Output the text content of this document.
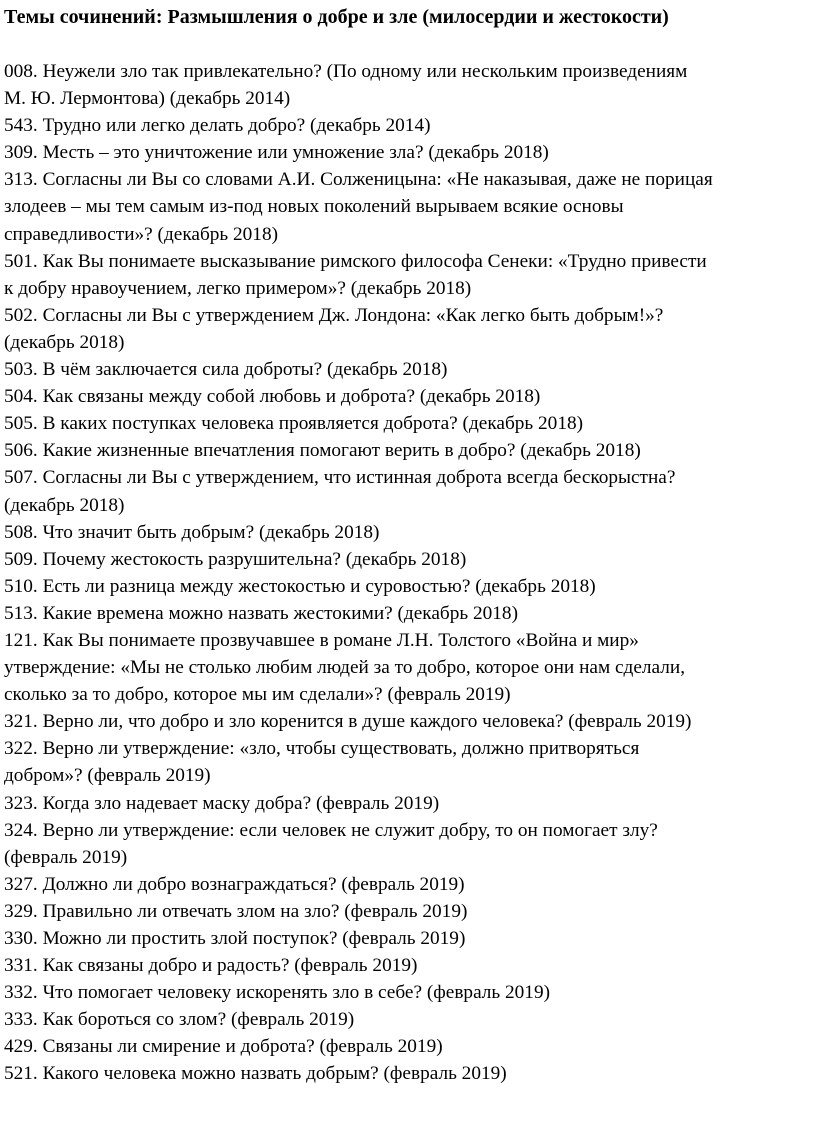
Темы сочинений: Размышления о добре и зле (милосердии и жестокости)
008. Неужели зло так привлекательно? (По одному или нескольким произведениям
М. Ю. Лермонтова) (декабрь 2014)
543. Трудно или легко делать добро? (декабрь 2014)
309. Месть – это уничтожение или умножение зла? (декабрь 2018)
313. Согласны ли Вы со словами А.И. Солженицына: «Не наказывая, даже не порицая
злодеев – мы тем самым из-под новых поколений вырываем всякие основы
справедливости»? (декабрь 2018)
501. Как Вы понимаете высказывание римского философа Сенеки: «Трудно привести
к добру нравоучением, легко примером»? (декабрь 2018)
502. Согласны ли Вы с утверждением Дж. Лондона: «Как легко быть добрым!»?
(декабрь 2018)
503. В чём заключается сила доброты? (декабрь 2018)
504. Как связаны между собой любовь и доброта? (декабрь 2018)
505. В каких поступках человека проявляется доброта? (декабрь 2018)
506. Какие жизненные впечатления помогают верить в добро? (декабрь 2018)
507. Согласны ли Вы с утверждением, что истинная доброта всегда бескорыстна?
(декабрь 2018)
508. Что значит быть добрым? (декабрь 2018)
509. Почему жестокость разрушительна? (декабрь 2018)
510. Есть ли разница между жестокостью и суровостью? (декабрь 2018)
513. Какие времена можно назвать жестокими? (декабрь 2018)
121. Как Вы понимаете прозвучавшее в романе Л.Н. Толстого «Война и мир»
утверждение: «Мы не столько любим людей за то добро, которое они нам сделали,
сколько за то добро, которое мы им сделали»? (февраль 2019)
321. Верно ли, что добро и зло коренится в душе каждого человека? (февраль 2019)
322. Верно ли утверждение: «зло, чтобы существовать, должно притворяться
добром»? (февраль 2019)
323. Когда зло надевает маску добра? (февраль 2019)
324. Верно ли утверждение: если человек не служит добру, то он помогает злу?
(февраль 2019)
327. Должно ли добро вознаграждаться? (февраль 2019)
329. Правильно ли отвечать злом на зло? (февраль 2019)
330. Можно ли простить злой поступок? (февраль 2019)
331. Как связаны добро и радость? (февраль 2019)
332. Что помогает человеку искоренять зло в себе? (февраль 2019)
333. Как бороться со злом? (февраль 2019)
429. Связаны ли смирение и доброта? (февраль 2019)
521. Какого человека можно назвать добрым? (февраль 2019)
